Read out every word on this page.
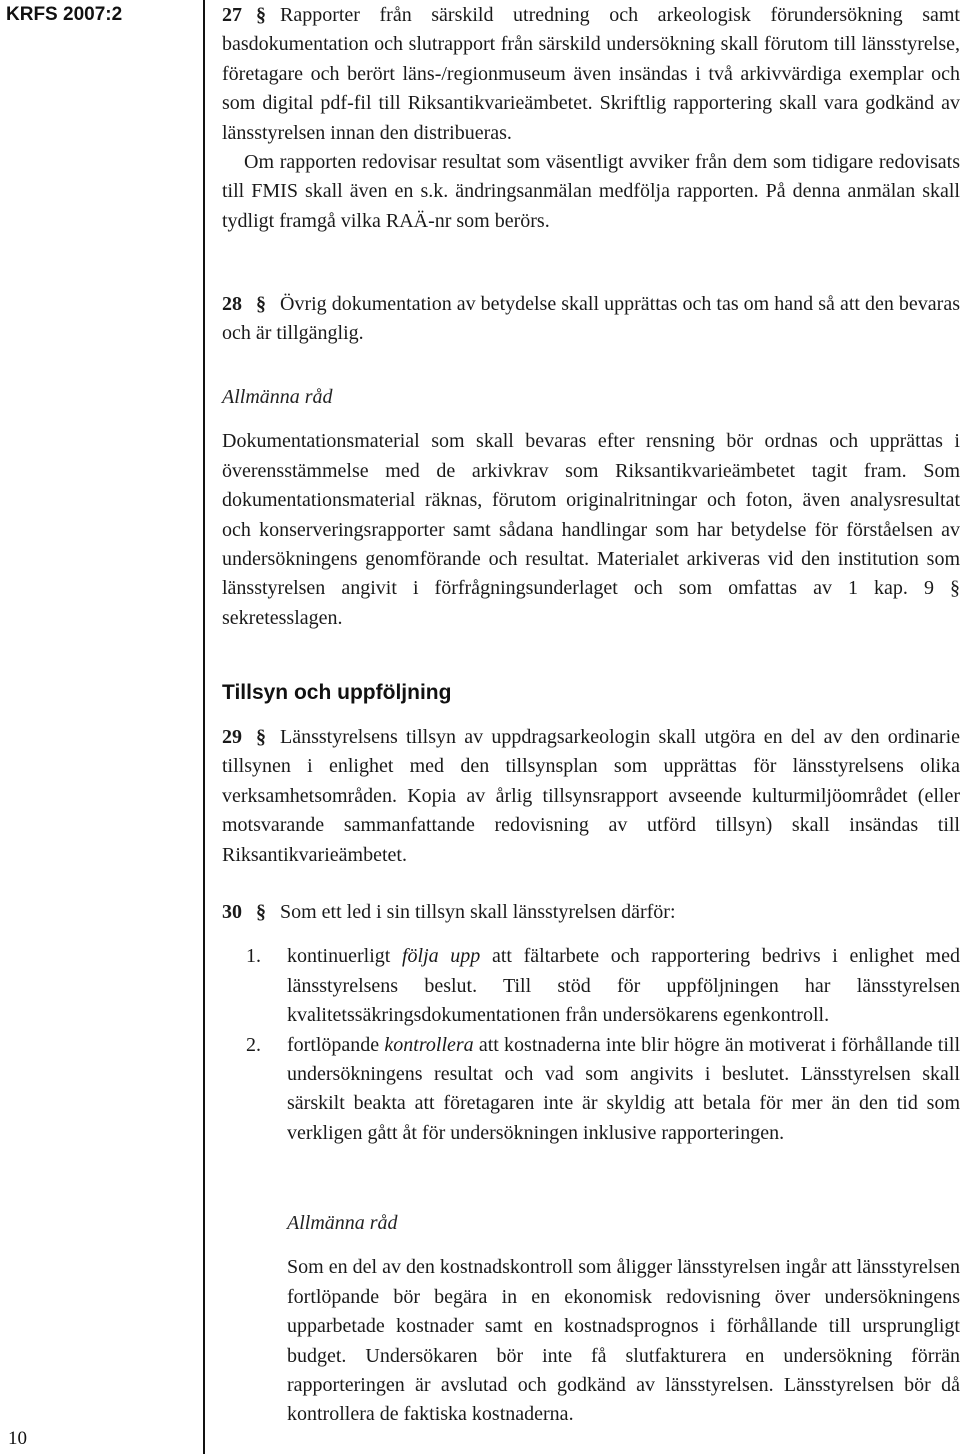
KRFS 2007:2
10

27 § Rapporter från särskild utredning och arkeologisk förundersökning samt basdokumentation och slutrapport från särskild undersökning skall förutom till länsstyrelse, företagare och berört läns-/regionmuseum även insändas i två arkivvärdiga exemplar och som digital pdf-fil till Riksantikvarieämbetet. Skriftlig rapportering skall vara godkänd av länsstyrelsen innan den distribueras.

Om rapporten redovisar resultat som väsentligt avviker från dem som tidigare redovisats till FMIS skall även en s.k. ändringsanmälan medfölja rapporten. På denna anmälan skall tydligt framgå vilka RAÄ-nr som berörs.

28 § Övrig dokumentation av betydelse skall upprättas och tas om hand så att den bevaras och är tillgänglig.

Allmänna råd

Dokumentationsmaterial som skall bevaras efter rensning bör ordnas och upprättas i överensstämmelse med de arkivkrav som Riksantikvarieämbetet tagit fram. Som dokumentationsmaterial räknas, förutom originalritningar och foton, även analysresultat och konserveringsrapporter samt sådana handlingar som har betydelse för förståelsen av undersökningens genomförande och resultat. Materialet arkiveras vid den institution som länsstyrelsen angivit i förfrågningsunderlaget och som omfattas av 1 kap. 9 § sekretesslagen.

Tillsyn och uppföljning

29 § Länsstyrelsens tillsyn av uppdragsarkeologin skall utgöra en del av den ordinarie tillsynen i enlighet med den tillsynsplan som upprättas för länsstyrelsens olika verksamhetsområden. Kopia av årlig tillsynsrapport avseende kulturmiljöområdet (eller motsvarande sammanfattande redovisning av utförd tillsyn) skall insändas till Riksantikvarieämbetet.

30 § Som ett led i sin tillsyn skall länsstyrelsen därför:

1. kontinuerligt följa upp att fältarbete och rapportering bedrivs i enlighet med länsstyrelsens beslut. Till stöd för uppföljningen har länsstyrelsen kvalitetssäkringsdokumentationen från undersökarens egenkontroll.

2. fortlöpande kontrollera att kostnaderna inte blir högre än motiverat i förhållande till undersökningens resultat och vad som angivits i beslutet. Länsstyrelsen skall särskilt beakta att företagaren inte är skyldig att betala för mer än den tid som verkligen gått åt för undersökningen inklusive rapporteringen.

Allmänna råd

Som en del av den kostnadskontroll som åligger länsstyrelsen ingår att länsstyrelsen fortlöpande bör begära in en ekonomisk redovisning över undersökningens upparbetade kostnader samt en kostnadsprognos i förhållande till ursprungligt budget. Undersökaren bör inte få slutfakturera en undersökning förrän rapporteringen är avslutad och godkänd av länsstyrelsen. Länsstyrelsen bör då kontrollera de faktiska kostnaderna.
